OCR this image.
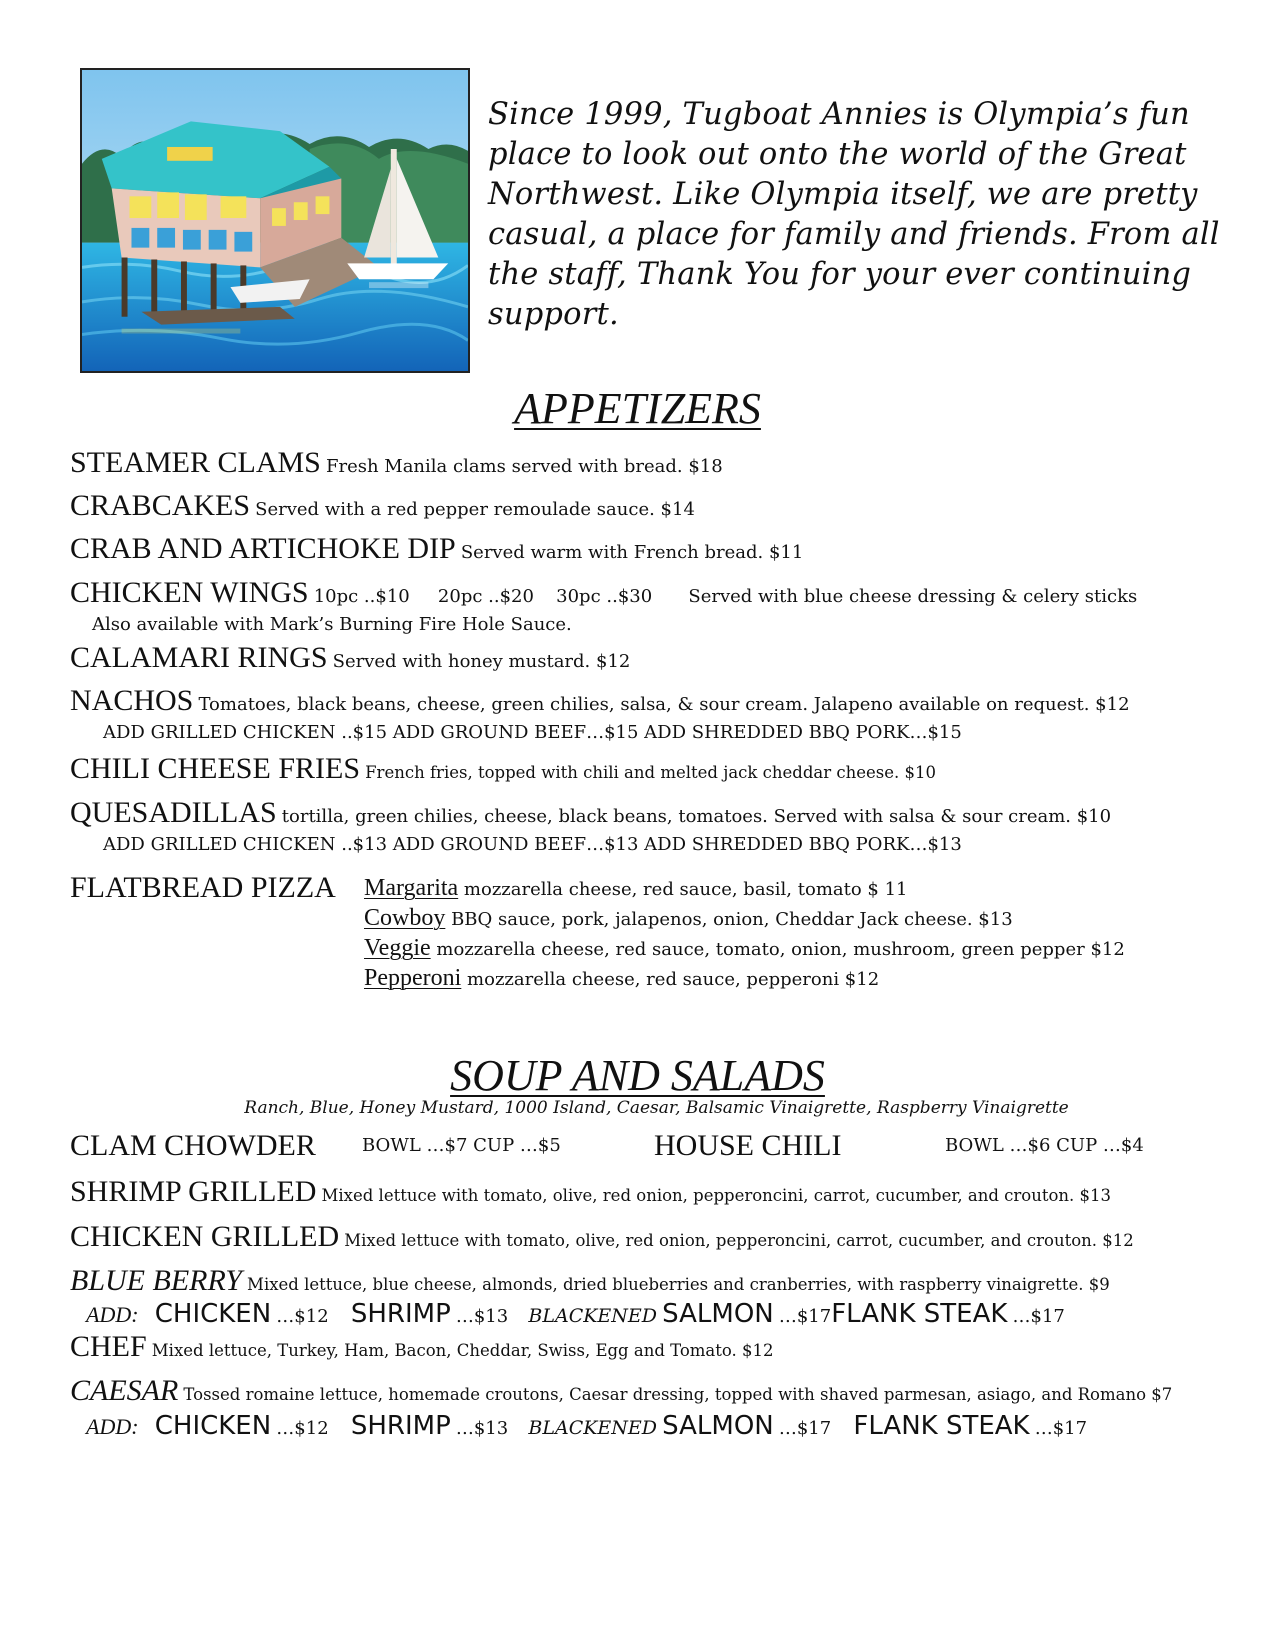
Since 1999, Tugboat Annies is Olympia’s fun place to look out onto the world of the Great Northwest. Like Olympia itself, we are pretty casual, a place for family and friends. From all the staff, Thank You for your ever continuing support.

APPETIZERS
STEAMER CLAMS Fresh Manila clams served with bread. $18
CRABCAKES Served with a red pepper remoulade sauce. $14
CRAB AND ARTICHOKE DIP Served warm with French bread. $11
CHICKEN WINGS 10pc ..$10 20pc ..$20 30pc ..$30 Served with blue cheese dressing & celery sticks
Also available with Mark’s Burning Fire Hole Sauce.
CALAMARI RINGS Served with honey mustard. $12
NACHOS Tomatoes, black beans, cheese, green chilies, salsa, & sour cream. Jalapeno available on request. $12
ADD GRILLED CHICKEN ..$15 ADD GROUND BEEF…$15 ADD SHREDDED BBQ PORK…$15
CHILI CHEESE FRIES French fries, topped with chili and melted jack cheddar cheese. $10
QUESADILLAS tortilla, green chilies, cheese, black beans, tomatoes. Served with salsa & sour cream. $10
ADD GRILLED CHICKEN ..$13 ADD GROUND BEEF…$13 ADD SHREDDED BBQ PORK…$13
FLATBREAD PIZZA Margarita mozzarella cheese, red sauce, basil, tomato $ 11
Cowboy BBQ sauce, pork, jalapenos, onion, Cheddar Jack cheese. $13
Veggie mozzarella cheese, red sauce, tomato, onion, mushroom, green pepper $12
Pepperoni mozzarella cheese, red sauce, pepperoni $12
SOUP AND SALADS

Ranch, Blue, Honey Mustard, 1000 Island, Caesar, Balsamic Vinaigrette, Raspberry Vinaigrette

CLAM CHOWDER	BOWL …$7 CUP …$5	HOUSE CHILI	BOWL …$6 CUP …$4
SHRIMP GRILLED Mixed lettuce with tomato, olive, red onion, pepperoncini, carrot, cucumber, and crouton. $13
CHICKEN GRILLED Mixed lettuce with tomato, olive, red onion, pepperoncini, carrot, cucumber, and crouton. $12
BLUE BERRY Mixed lettuce, blue cheese, almonds, dried blueberries and cranberries, with raspberry vinaigrette. $9
ADD: CHICKEN …$12 SHRIMP …$13 BLACKENED SALMON …$17FLANK STEAK …$17
CHEF Mixed lettuce, Turkey, Ham, Bacon, Cheddar, Swiss, Egg and Tomato. $12
CAESAR Tossed romaine lettuce, homemade croutons, Caesar dressing, topped with shaved parmesan, asiago, and Romano $7
ADD: CHICKEN …$12 SHRIMP …$13 BLACKENED SALMON …$17 FLANK STEAK …$17
